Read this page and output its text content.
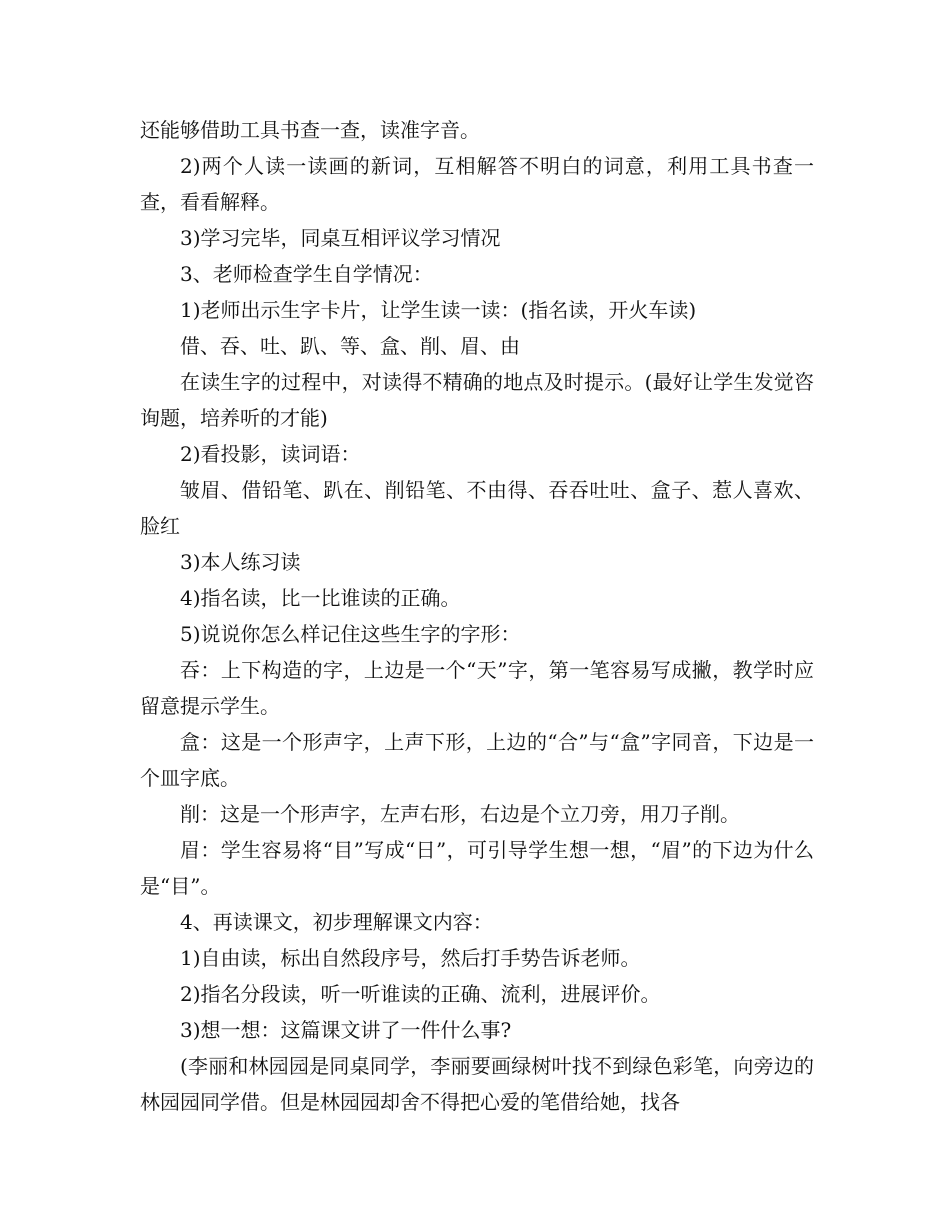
还能够借助工具书查一查，读准字音。

2)两个人读一读画的新词，互相解答不明白的词意，利用工具书查一查，看看解释。

3)学习完毕，同桌互相评议学习情况

3、老师检查学生自学情况：

1)老师出示生字卡片，让学生读一读：(指名读，开火车读)

借、吞、吐、趴、等、盒、削、眉、由

在读生字的过程中，对读得不精确的地点及时提示。(最好让学生发觉咨询题，培养听的才能)

2)看投影，读词语：

皱眉、借铅笔、趴在、削铅笔、不由得、吞吞吐吐、盒子、惹人喜欢、脸红

3)本人练习读

4)指名读，比一比谁读的正确。

5)说说你怎么样记住这些生字的字形：

吞：上下构造的字，上边是一个“天”字，第一笔容易写成撇，教学时应留意提示学生。

盒：这是一个形声字，上声下形，上边的“合”与“盒”字同音，下边是一个皿字底。

削：这是一个形声字，左声右形，右边是个立刀旁，用刀子削。

眉：学生容易将“目”写成“日”，可引导学生想一想，“眉”的下边为什么是“目”。

4、再读课文，初步理解课文内容：

1)自由读，标出自然段序号，然后打手势告诉老师。

2)指名分段读，听一听谁读的正确、流利，进展评价。

3)想一想：这篇课文讲了一件什么事?

(李丽和林园园是同桌同学，李丽要画绿树叶找不到绿色彩笔，向旁边的林园园同学借。但是林园园却舍不得把心爱的笔借给她，找各
